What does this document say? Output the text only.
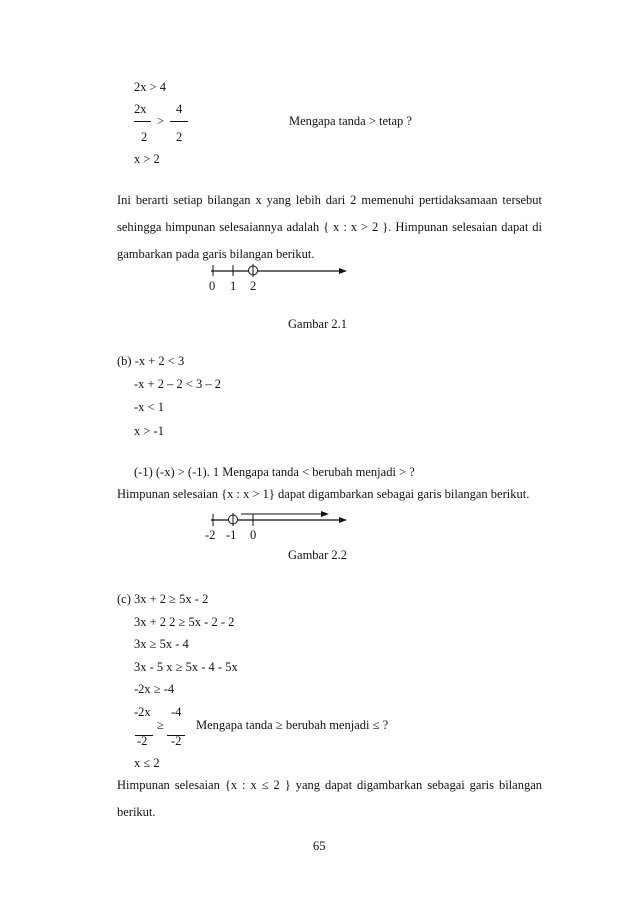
2x > 4
2x 4
>
2 2
Mengapa tanda > tetap ?
x > 2
Ini berarti setiap bilangan x yang lebih dari 2 memenuhi pertidaksamaan tersebut
sehingga himpunan selesaiannya adalah { x : x > 2 }. Himpunan selesaian dapat di
gambarkan pada garis bilangan berikut.
0 1 2
Gambar 2.1
(b) -x + 2 < 3
-x + 2 – 2 < 3 – 2
-x < 1
x > -1
(-1) (-x) > (-1). 1 Mengapa tanda < berubah menjadi > ?
Himpunan selesaian {x : x > 1} dapat digambarkan sebagai garis bilangan berikut.
-2 -1 0
Gambar 2.2
(c) 3x + 2 ≥ 5x - 2
3x + 2 2 ≥ 5x - 2 - 2
3x ≥ 5x - 4
3x - 5 x ≥ 5x - 4 - 5x
-2x ≥ -4
-2x -4
≥	Mengapa tanda ≥ berubah menjadi ≤ ?
-2 -2
x ≤ 2
Himpunan selesaian {x : x ≤ 2 } yang dapat digambarkan sebagai garis bilangan
berikut.
65
